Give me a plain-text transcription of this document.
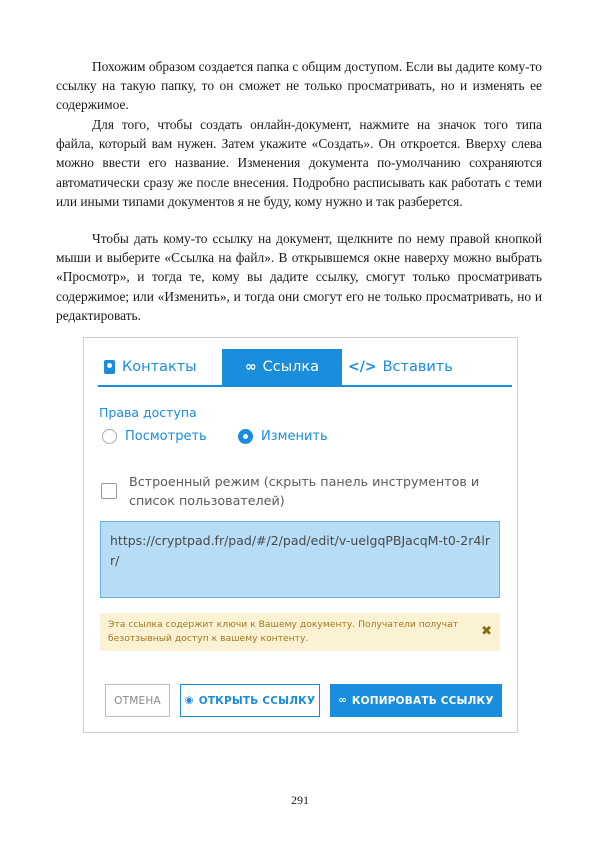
Похожим образом создается папка с общим доступом. Если вы дадите кому-то ссылку на такую папку, то он сможет не только просматривать, но и изменять ее содержимое.

Для того, чтобы создать онлайн-документ, нажмите на значок того типа файла, который вам нужен. Затем укажите «Создать». Он откроется. Вверху слева можно ввести его название. Изменения документа по-умолчанию сохраняются автоматически сразу же после внесения. Подробно расписывать как работать с теми или иными типами документов я не буду, кому нужно и так разберется.

Чтобы дать кому-то ссылку на документ, щелкните по нему правой кнопкой мыши и выберите «Ссылка на файл». В открывшемся окне наверху можно выбрать «Просмотр», и тогда те, кому вы дадите ссылку, смогут только просматривать содержимое; или «Изменить», и тогда они смогут его не только просматривать, но и редактировать.

Контакты	∞ Ссылка </> Вставить
Права доступа
Посмотреть	Изменить
Встроенный режим (скрыть панель инструментов и список пользователей)
https://cryptpad.fr/pad/#/2/pad/edit/v-uelgqPBJacqM-t0-2r4lrr/
Эта ссылка содержит ключи к Вашему документу. Получатели получат безотзывный доступ к вашему контенту.	✖
ОТМЕНА ◉ ОТКРЫТЬ ССЫЛКУ ∞ КОПИРОВАТЬ ССЫЛКУ
291
